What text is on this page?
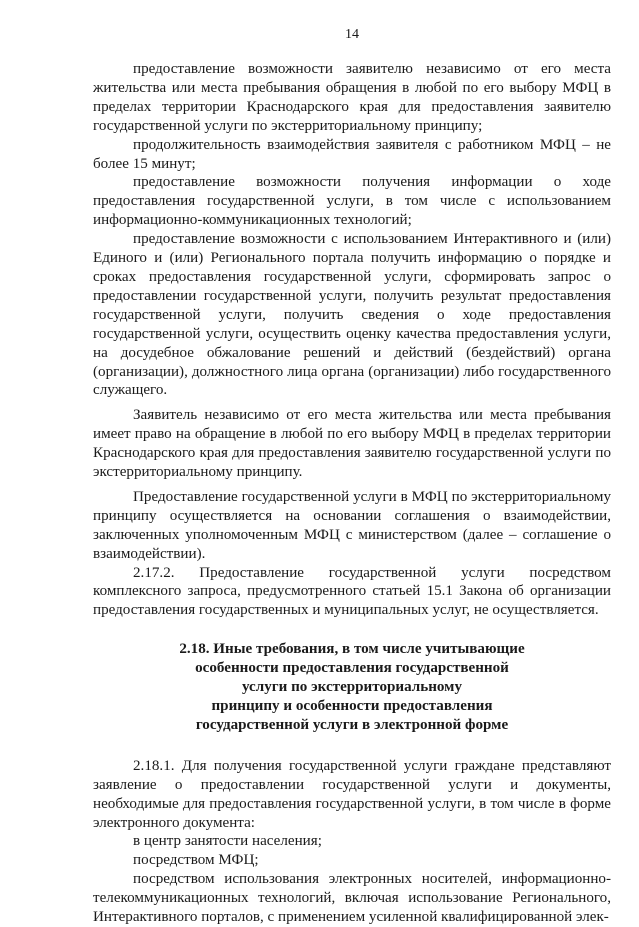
14

предоставление возможности заявителю независимо от его места жительства или места пребывания обращения в любой по его выбору МФЦ в пределах территории Краснодарского края для предоставления заявителю государственной услуги по экстерриториальному принципу;

продолжительность взаимодействия заявителя с работником МФЦ – не более 15 минут;

предоставление возможности получения информации о ходе предоставления государственной услуги, в том числе с использованием информационно-коммуникационных технологий;

предоставление возможности с использованием Интерактивного и (или) Единого и (или) Регионального портала получить информацию о порядке и сроках предоставления государственной услуги, сформировать запрос о предоставлении государственной услуги, получить результат предоставления государственной услуги, получить сведения о ходе предоставления государственной услуги, осуществить оценку качества предоставления услуги, на досудебное обжалование решений и действий (бездействий) органа (организации), должностного лица органа (организации) либо государственного служащего.

Заявитель независимо от его места жительства или места пребывания имеет право на обращение в любой по его выбору МФЦ в пределах территории Краснодарского края для предоставления заявителю государственной услуги по экстерриториальному принципу.

Предоставление государственной услуги в МФЦ по экстерриториальному принципу осуществляется на основании соглашения о взаимодействии, заключенных уполномоченным МФЦ с министерством (далее – соглашение о взаимодействии).

2.17.2. Предоставление государственной услуги посредством комплексного запроса, предусмотренного статьей 15.1 Закона об организации предоставления государственных и муниципальных услуг, не осуществляется.

2.18. Иные требования, в том числе учитывающие
особенности предоставления государственной
услуги по экстерриториальному
принципу и особенности предоставления
государственной услуги в электронной форме

2.18.1. Для получения государственной услуги граждане представляют заявление о предоставлении государственной услуги и документы, необходимые для предоставления государственной услуги, в том числе в форме электронного документа:

в центр занятости населения;

посредством МФЦ;

посредством использования электронных носителей, информационно-телекоммуникационных технологий, включая использование Регионального, Интерактивного порталов, с применением усиленной квалифицированной элек-
